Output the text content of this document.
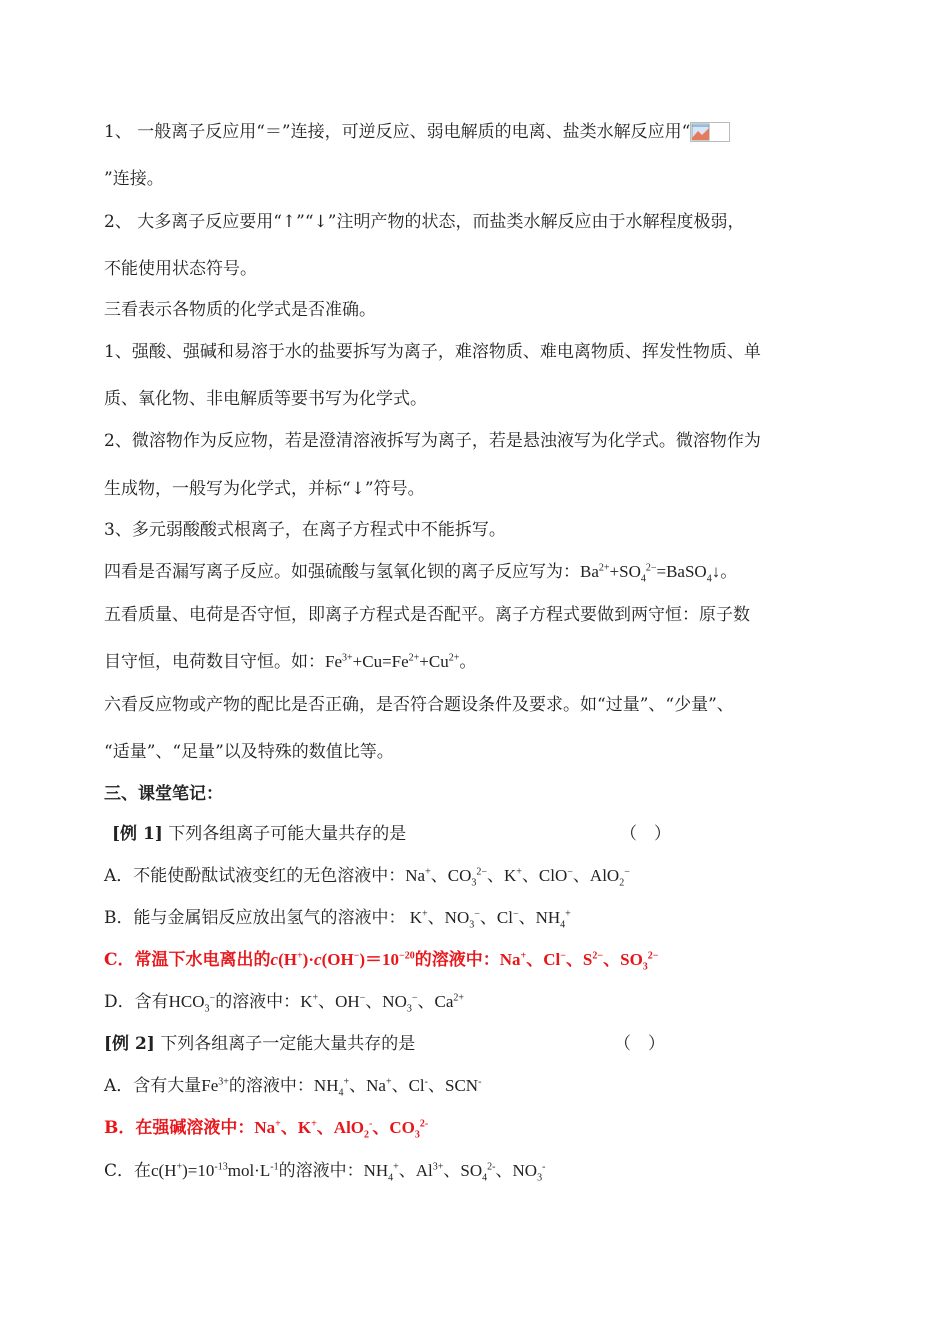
1、 一般离子反应用“＝”连接，可逆反应、弱电解质的电离、盐类水解反应用“
”连接。
2、 大多离子反应要用“↑”“↓”注明产物的状态，而盐类水解反应由于水解程度极弱，
不能使用状态符号。
三看表示各物质的化学式是否准确。
1、强酸、强碱和易溶于水的盐要拆写为离子，难溶物质、难电离物质、挥发性物质、单
质、氧化物、非电解质等要书写为化学式。
2、微溶物作为反应物，若是澄清溶液拆写为离子，若是悬浊液写为化学式。微溶物作为
生成物，一般写为化学式，并标“↓”符号。
3、多元弱酸酸式根离子，在离子方程式中不能拆写。
四看是否漏写离子反应。如强硫酸与氢氧化钡的离子反应写为：$Ba^{2+}+SO_4^{2-}=BaSO_4↓$。
五看质量、电荷是否守恒，即离子方程式是否配平。离子方程式要做到两守恒：原子数
目守恒，电荷数目守恒。如：$Fe^{3+}+Cu=Fe^{2+}+Cu^{2+}$。
六看反应物或产物的配比是否正确，是否符合题设条件及要求。如“过量”、“少量”、
“适量”、“足量”以及特殊的数值比等。
三、课堂笔记：
[例 1] 下列各组离子可能大量共存的是	（　）
A．不能使酚酞试液变红的无色溶液中：Na+、$CO_3^{2-}$、K+、ClO−、AlO$_2$−
B．能与金属铝反应放出氢气的溶液中： K+、$NO_3^-$、Cl−、$NH_4^+$
C．常温下水电离出的$c(H^+)\cdot c(OH^-)=10^{-20}$的溶液中：Na+、Cl−、$S^{2-}$、$SO_3^{2-}$
D．含有$HCO_3^-$的溶液中：K+、OH−、$NO_3^-$、$Ca^{2+}$
[例 2] 下列各组离子一定能大量共存的是	（　）
A．含有大量$Fe^{3+}$的溶液中：$NH_4^+$、Na+、Cl-、SCN-
B．在强碱溶液中：Na+、K+、AlO$_2$-、$CO_3^{2-}$
C．在$c(H^+)=10^{-13}mol\cdot L^{-1}$的溶液中：$NH_4^+$、$Al^{3+}$、$SO_4^{2-}$、$NO_3^-$
